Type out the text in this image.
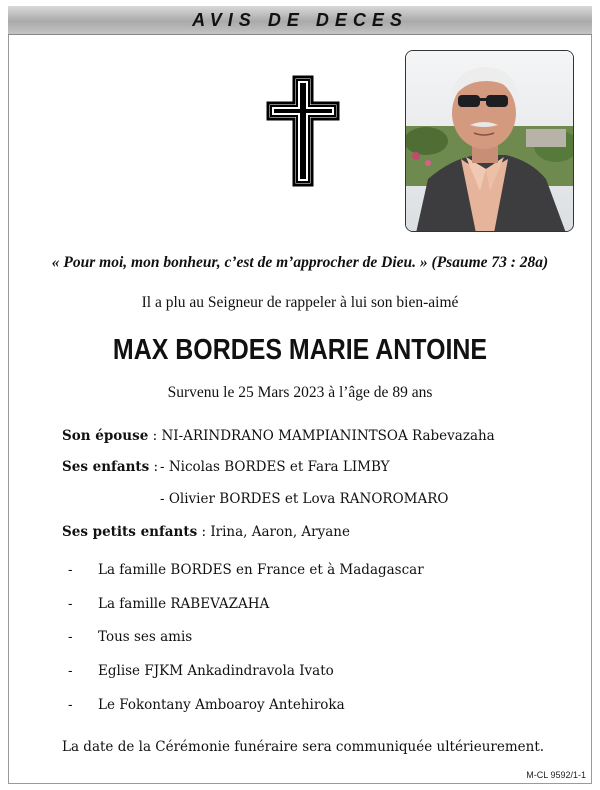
AVIS DE DECES
« Pour moi, mon bonheur, c’est de m’approcher de Dieu. » (Psaume 73 : 28a)
Il a plu au Seigneur de rappeler à lui son bien-aimé
MAX BORDES MARIE ANTOINE
Survenu le 25 Mars 2023 à l’âge de 89 ans
Son épouse : NI-ARINDRANO MAMPIANINTSOA Rabevazaha
Ses enfants : - Nicolas BORDES et Fara LIMBY
- Olivier BORDES et Lova RANOROMARO
Ses petits enfants : Irina, Aaron, Aryane
- La famille BORDES en France et à Madagascar
- La famille RABEVAZAHA
- Tous ses amis
- Eglise FJKM Ankadindravola Ivato
- Le Fokontany Amboaroy Antehiroka
La date de la Cérémonie funéraire sera communiquée ultérieurement.
M-CL 9592/1-1
